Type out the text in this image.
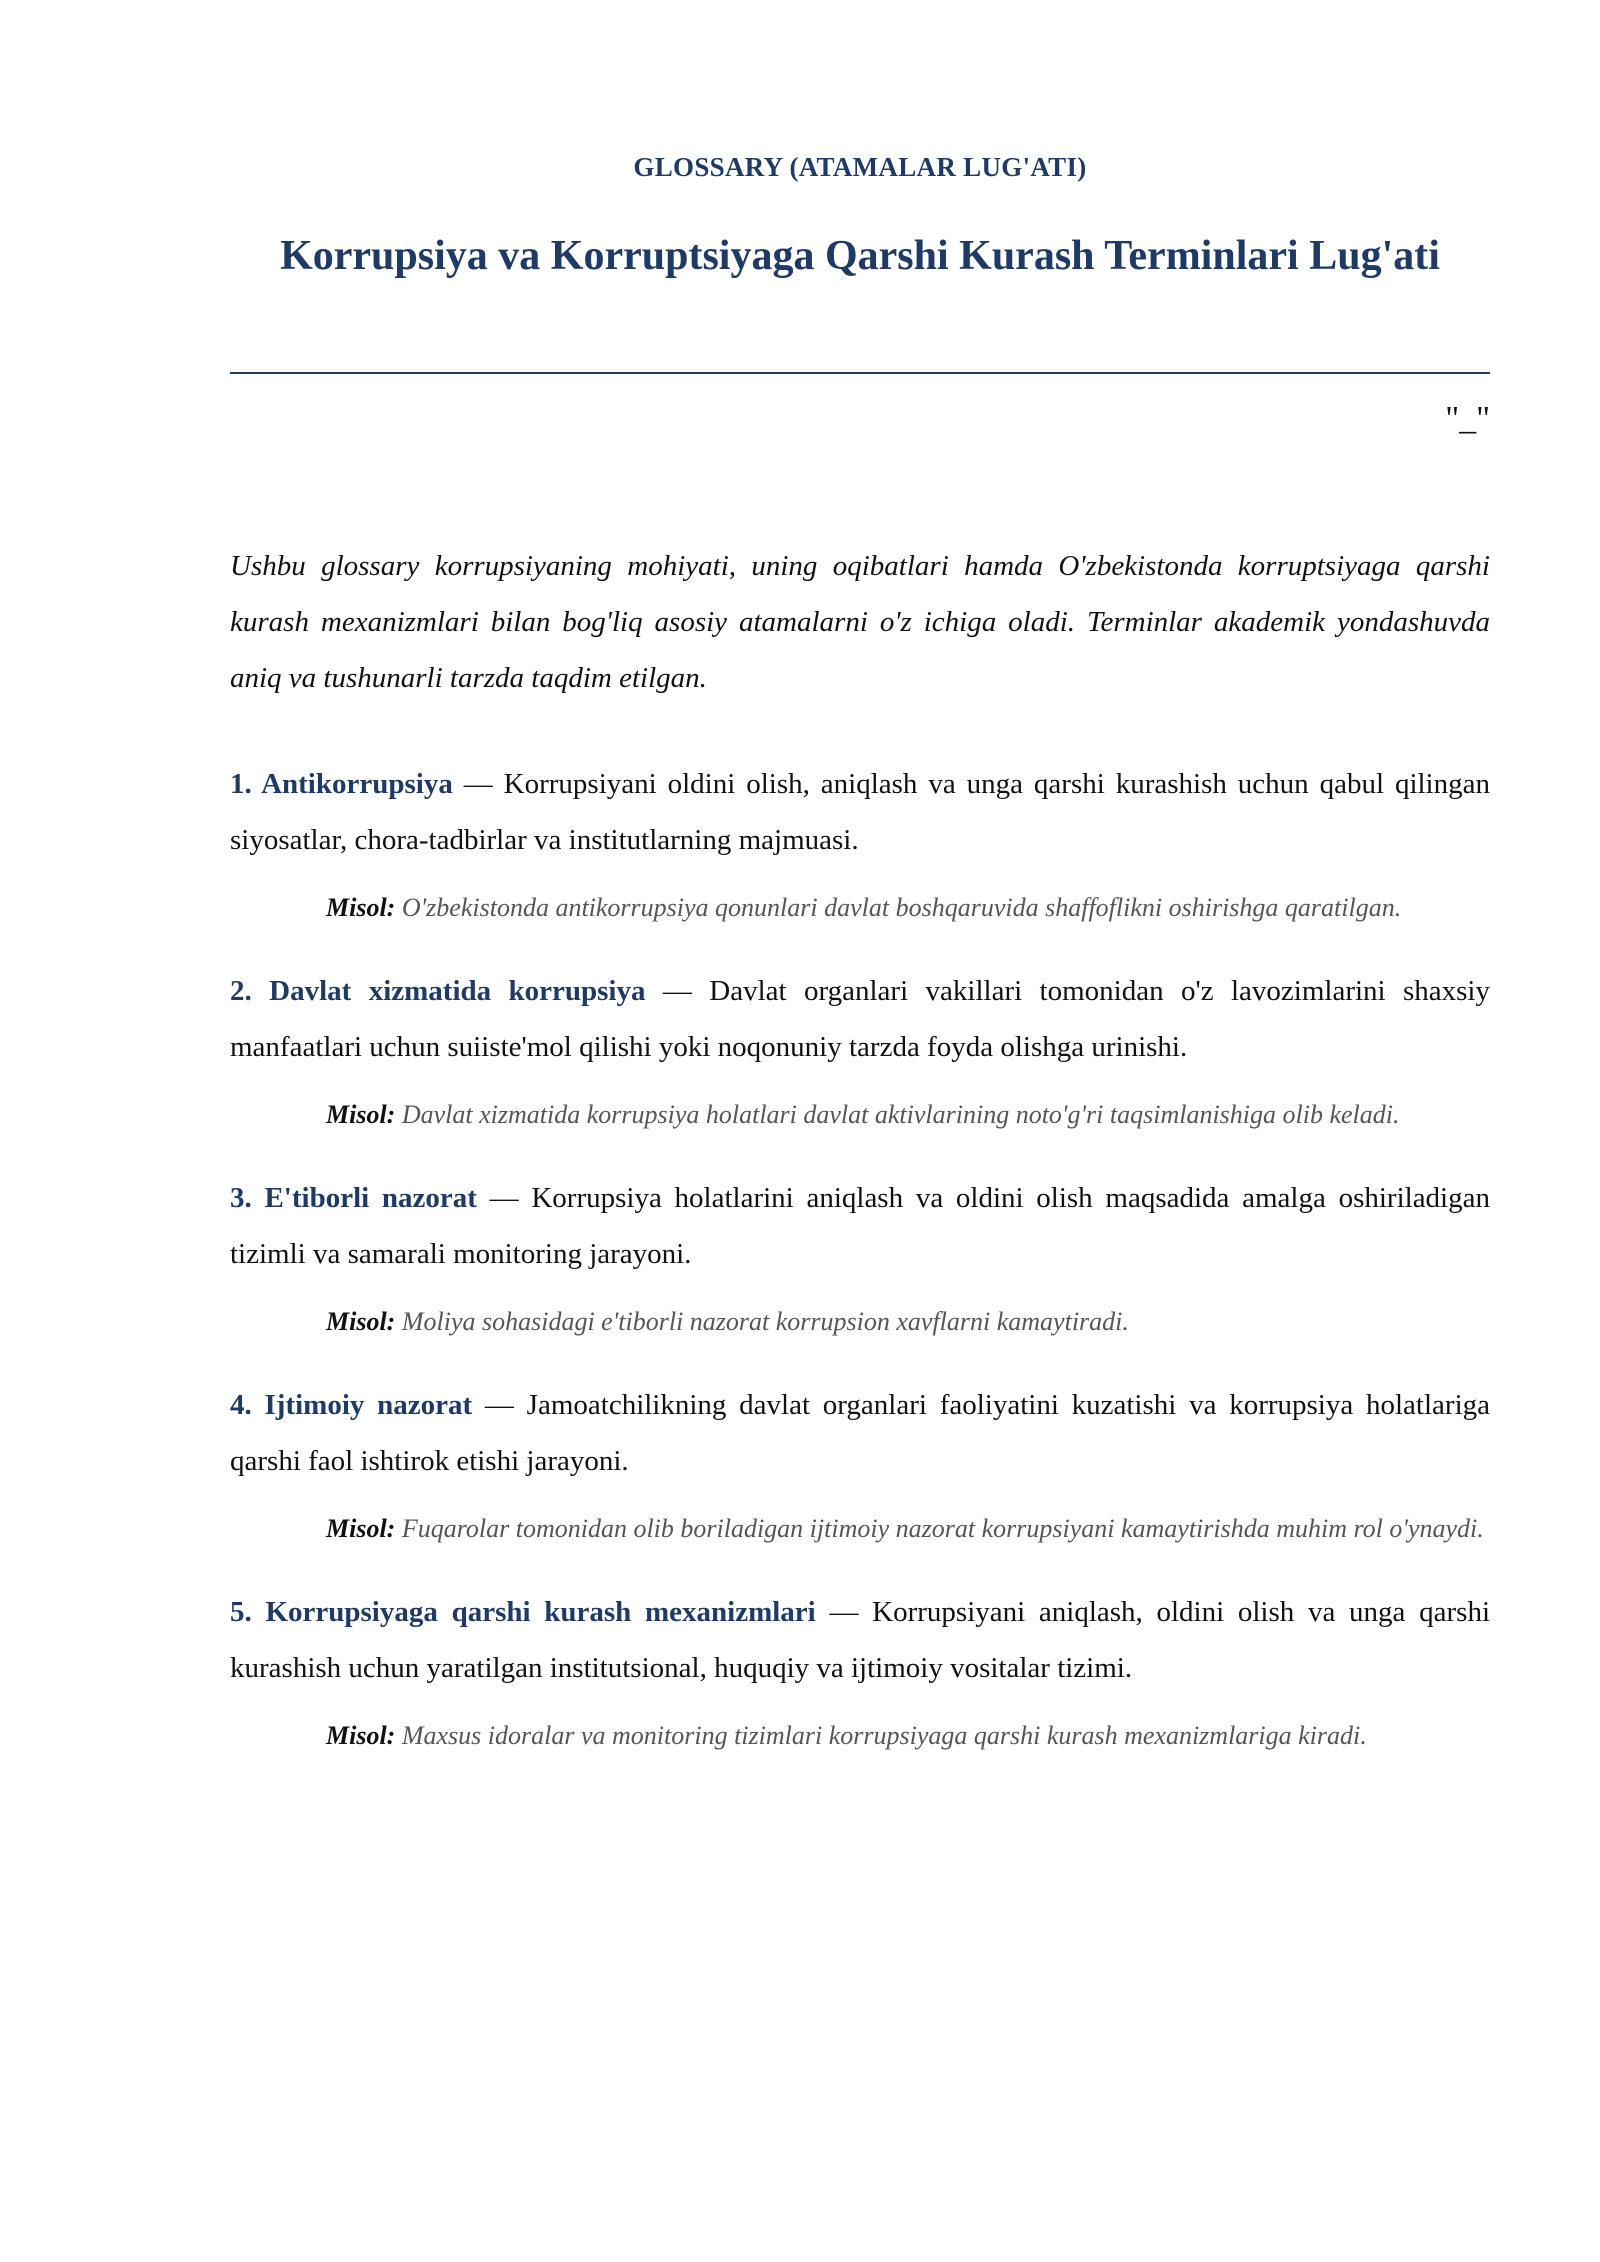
GLOSSARY (ATAMALAR LUG'ATI)
Korrupsiya va Korruptsiyaga Qarshi Kurash Terminlari Lug'ati
"_"

Ushbu glossary korrupsiyaning mohiyati, uning oqibatlari hamda O'zbekistonda korruptsiyaga qarshi kurash mexanizmlari bilan bog'liq asosiy atamalarni o'z ichiga oladi. Terminlar akademik yondashuvda aniq va tushunarli tarzda taqdim etilgan.

1. Antikorrupsiya — Korrupsiyani oldini olish, aniqlash va unga qarshi kurashish uchun qabul qilingan siyosatlar, chora-tadbirlar va institutlarning majmuasi.

Misol: O'zbekistonda antikorrupsiya qonunlari davlat boshqaruvida shaffoflikni oshirishga qaratilgan.

2. Davlat xizmatida korrupsiya — Davlat organlari vakillari tomonidan o'z lavozimlarini shaxsiy manfaatlari uchun suiiste'mol qilishi yoki noqonuniy tarzda foyda olishga urinishi.

Misol: Davlat xizmatida korrupsiya holatlari davlat aktivlarining noto'g'ri taqsimlanishiga olib keladi.

3. E'tiborli nazorat — Korrupsiya holatlarini aniqlash va oldini olish maqsadida amalga oshiriladigan tizimli va samarali monitoring jarayoni.

Misol: Moliya sohasidagi e'tiborli nazorat korrupsion xavflarni kamaytiradi.

4. Ijtimoiy nazorat — Jamoatchilikning davlat organlari faoliyatini kuzatishi va korrupsiya holatlariga qarshi faol ishtirok etishi jarayoni.

Misol: Fuqarolar tomonidan olib boriladigan ijtimoiy nazorat korrupsiyani kamaytirishda muhim rol o'ynaydi.

5. Korrupsiyaga qarshi kurash mexanizmlari — Korrupsiyani aniqlash, oldini olish va unga qarshi kurashish uchun yaratilgan institutsional, huquqiy va ijtimoiy vositalar tizimi.

Misol: Maxsus idoralar va monitoring tizimlari korrupsiyaga qarshi kurash mexanizmlariga kiradi.
